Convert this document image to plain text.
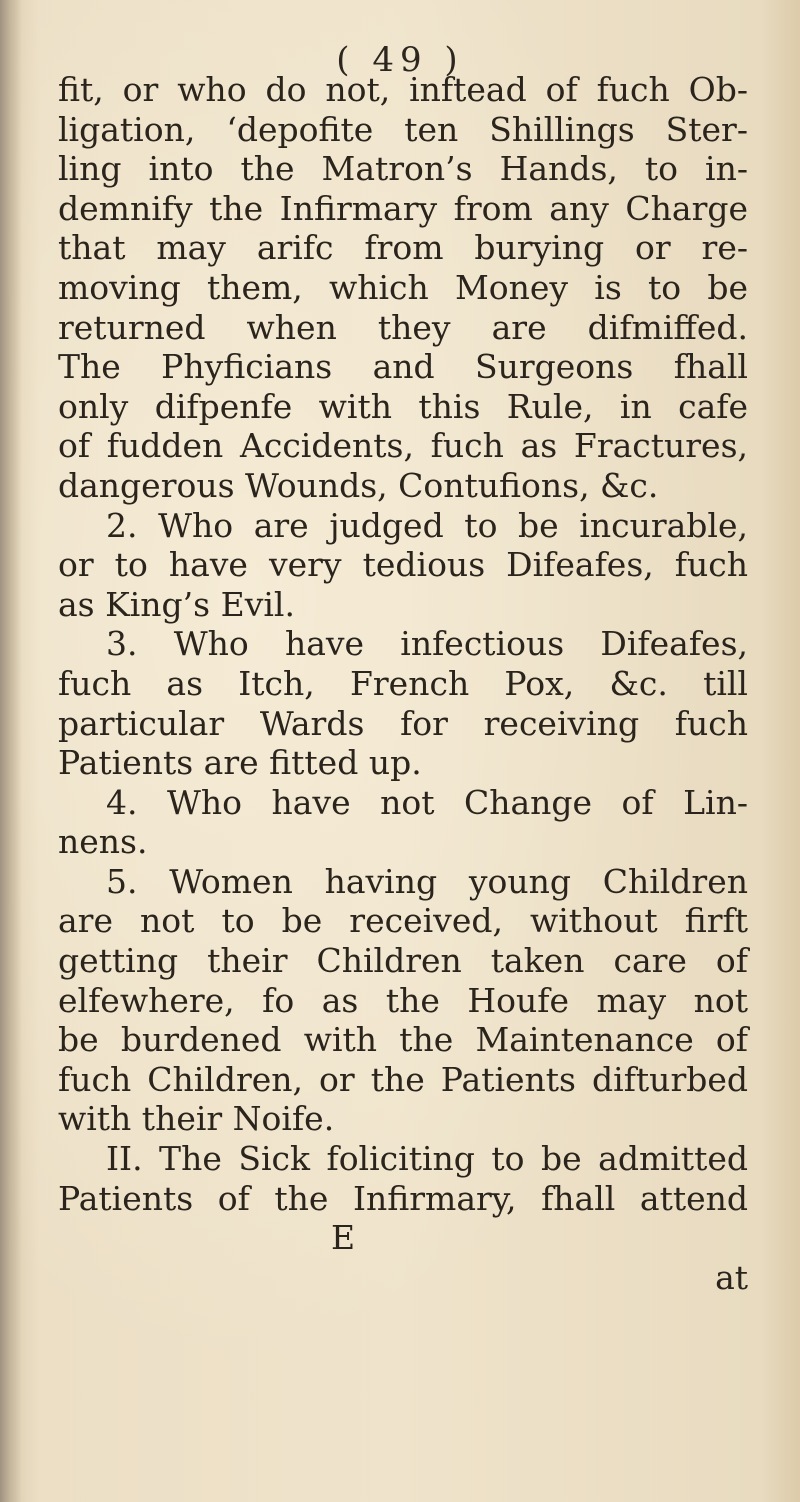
( 49 )
fit, or who do not, inftead of fuch Ob-
ligation, ‘depofite ten Shillings Ster-
ling into the Matron’s Hands, to in-
demnify the Infirmary from any Charge
that may arifc from burying or re-
moving them, which Money is to be
returned when they are difmiffed.
The Phyficians and Surgeons fhall
only difpenfe with this Rule, in cafe
of fudden Accidents, fuch as Fractures,
dangerous Wounds, Contufions, &c.
2. Who are judged to be incurable,
or to have very tedious Difeafes, fuch
as King’s Evil.
3. Who have infectious Difeafes,
fuch as Itch, French Pox, &c. till
particular Wards for receiving fuch
Patients are fitted up.
4. Who have not Change of Lin-
nens.
5. Women having young Children
are not to be received, without firft
getting their Children taken care of
elfewhere, fo as the Houfe may not
be burdened with the Maintenance of
fuch Children, or the Patients difturbed
with their Noife.
II. The Sick foliciting to be admitted
Patients of the Infirmary, fhall attend
E
at
